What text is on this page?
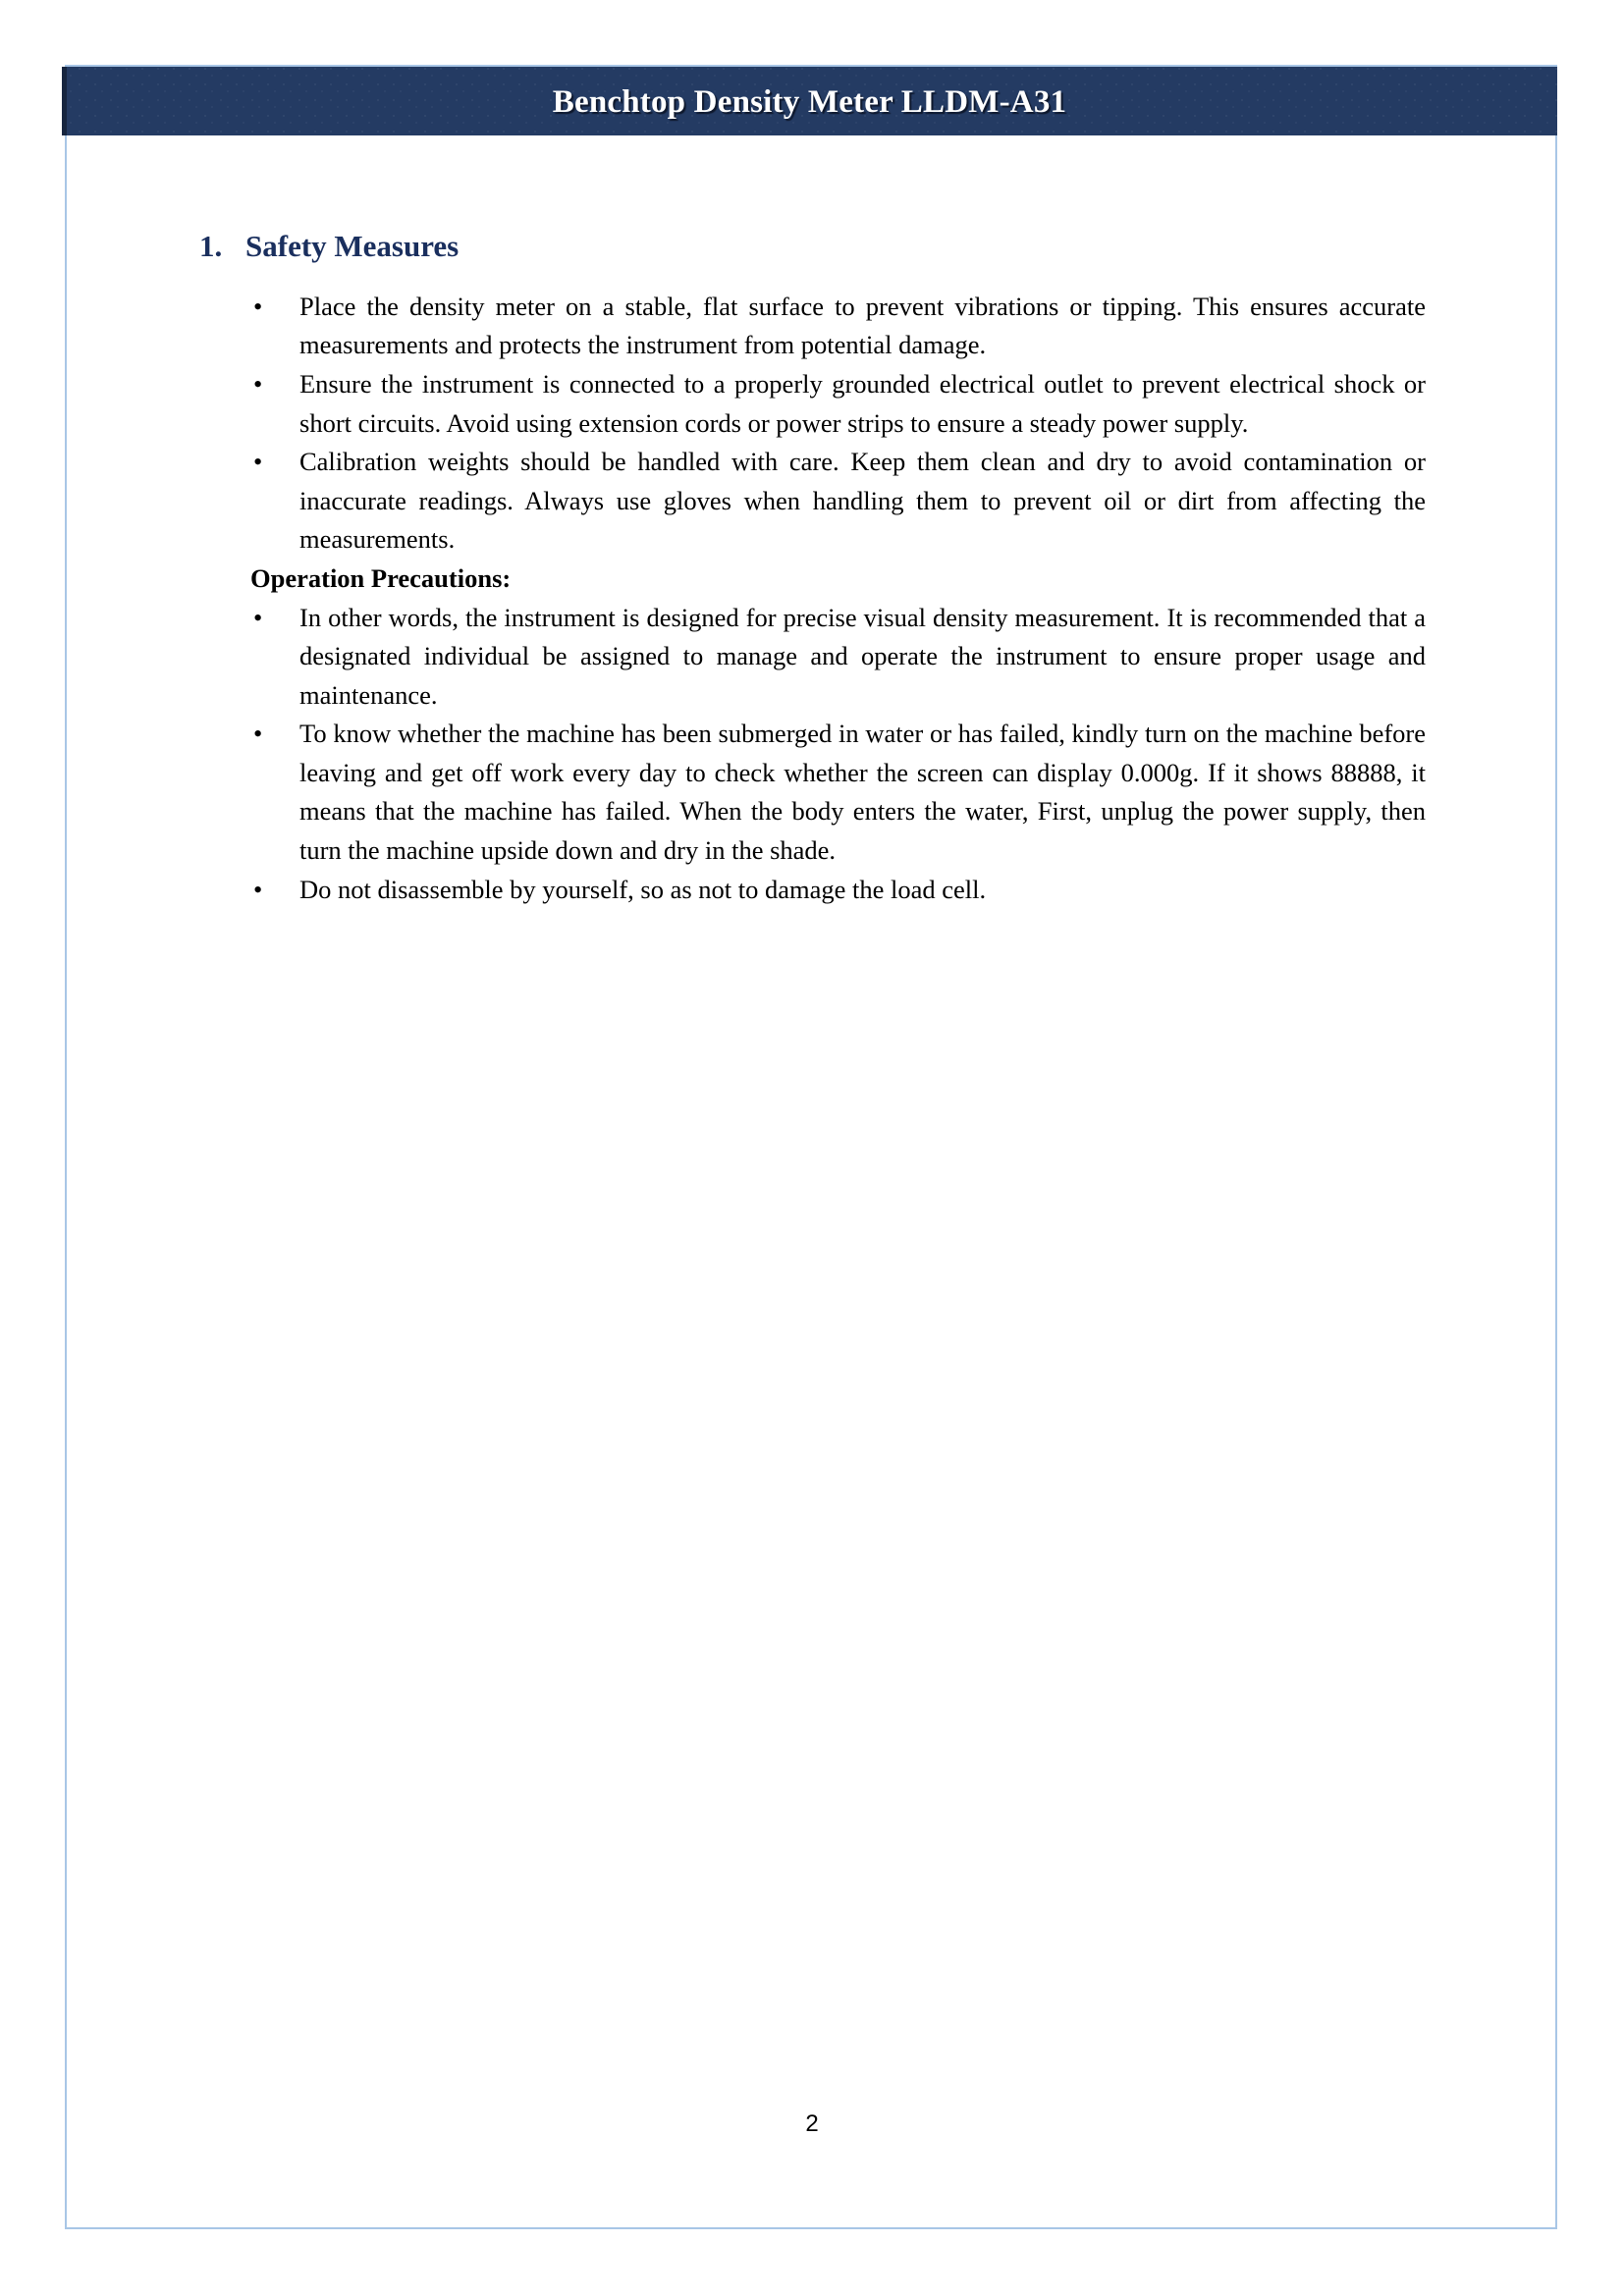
Benchtop Density Meter LLDM-A31
1. Safety Measures
•	Place the density meter on a stable, flat surface to prevent vibrations or tipping. This ensures accurate measurements and protects the instrument from potential damage.
•	Ensure the instrument is connected to a properly grounded electrical outlet to prevent electrical shock or short circuits. Avoid using extension cords or power strips to ensure a steady power supply.
•	Calibration weights should be handled with care. Keep them clean and dry to avoid contamination or inaccurate readings. Always use gloves when handling them to prevent oil or dirt from affecting the measurements.

Operation Precautions:

•	In other words, the instrument is designed for precise visual density measurement. It is recommended that a designated individual be assigned to manage and operate the instrument to ensure proper usage and maintenance.
•	To know whether the machine has been submerged in water or has failed, kindly turn on the machine before leaving and get off work every day to check whether the screen can display 0.000g. If it shows 88888, it means that the machine has failed. When the body enters the water, First, unplug the power supply, then turn the machine upside down and dry in the shade.
•	Do not disassemble by yourself, so as not to damage the load cell.
2
